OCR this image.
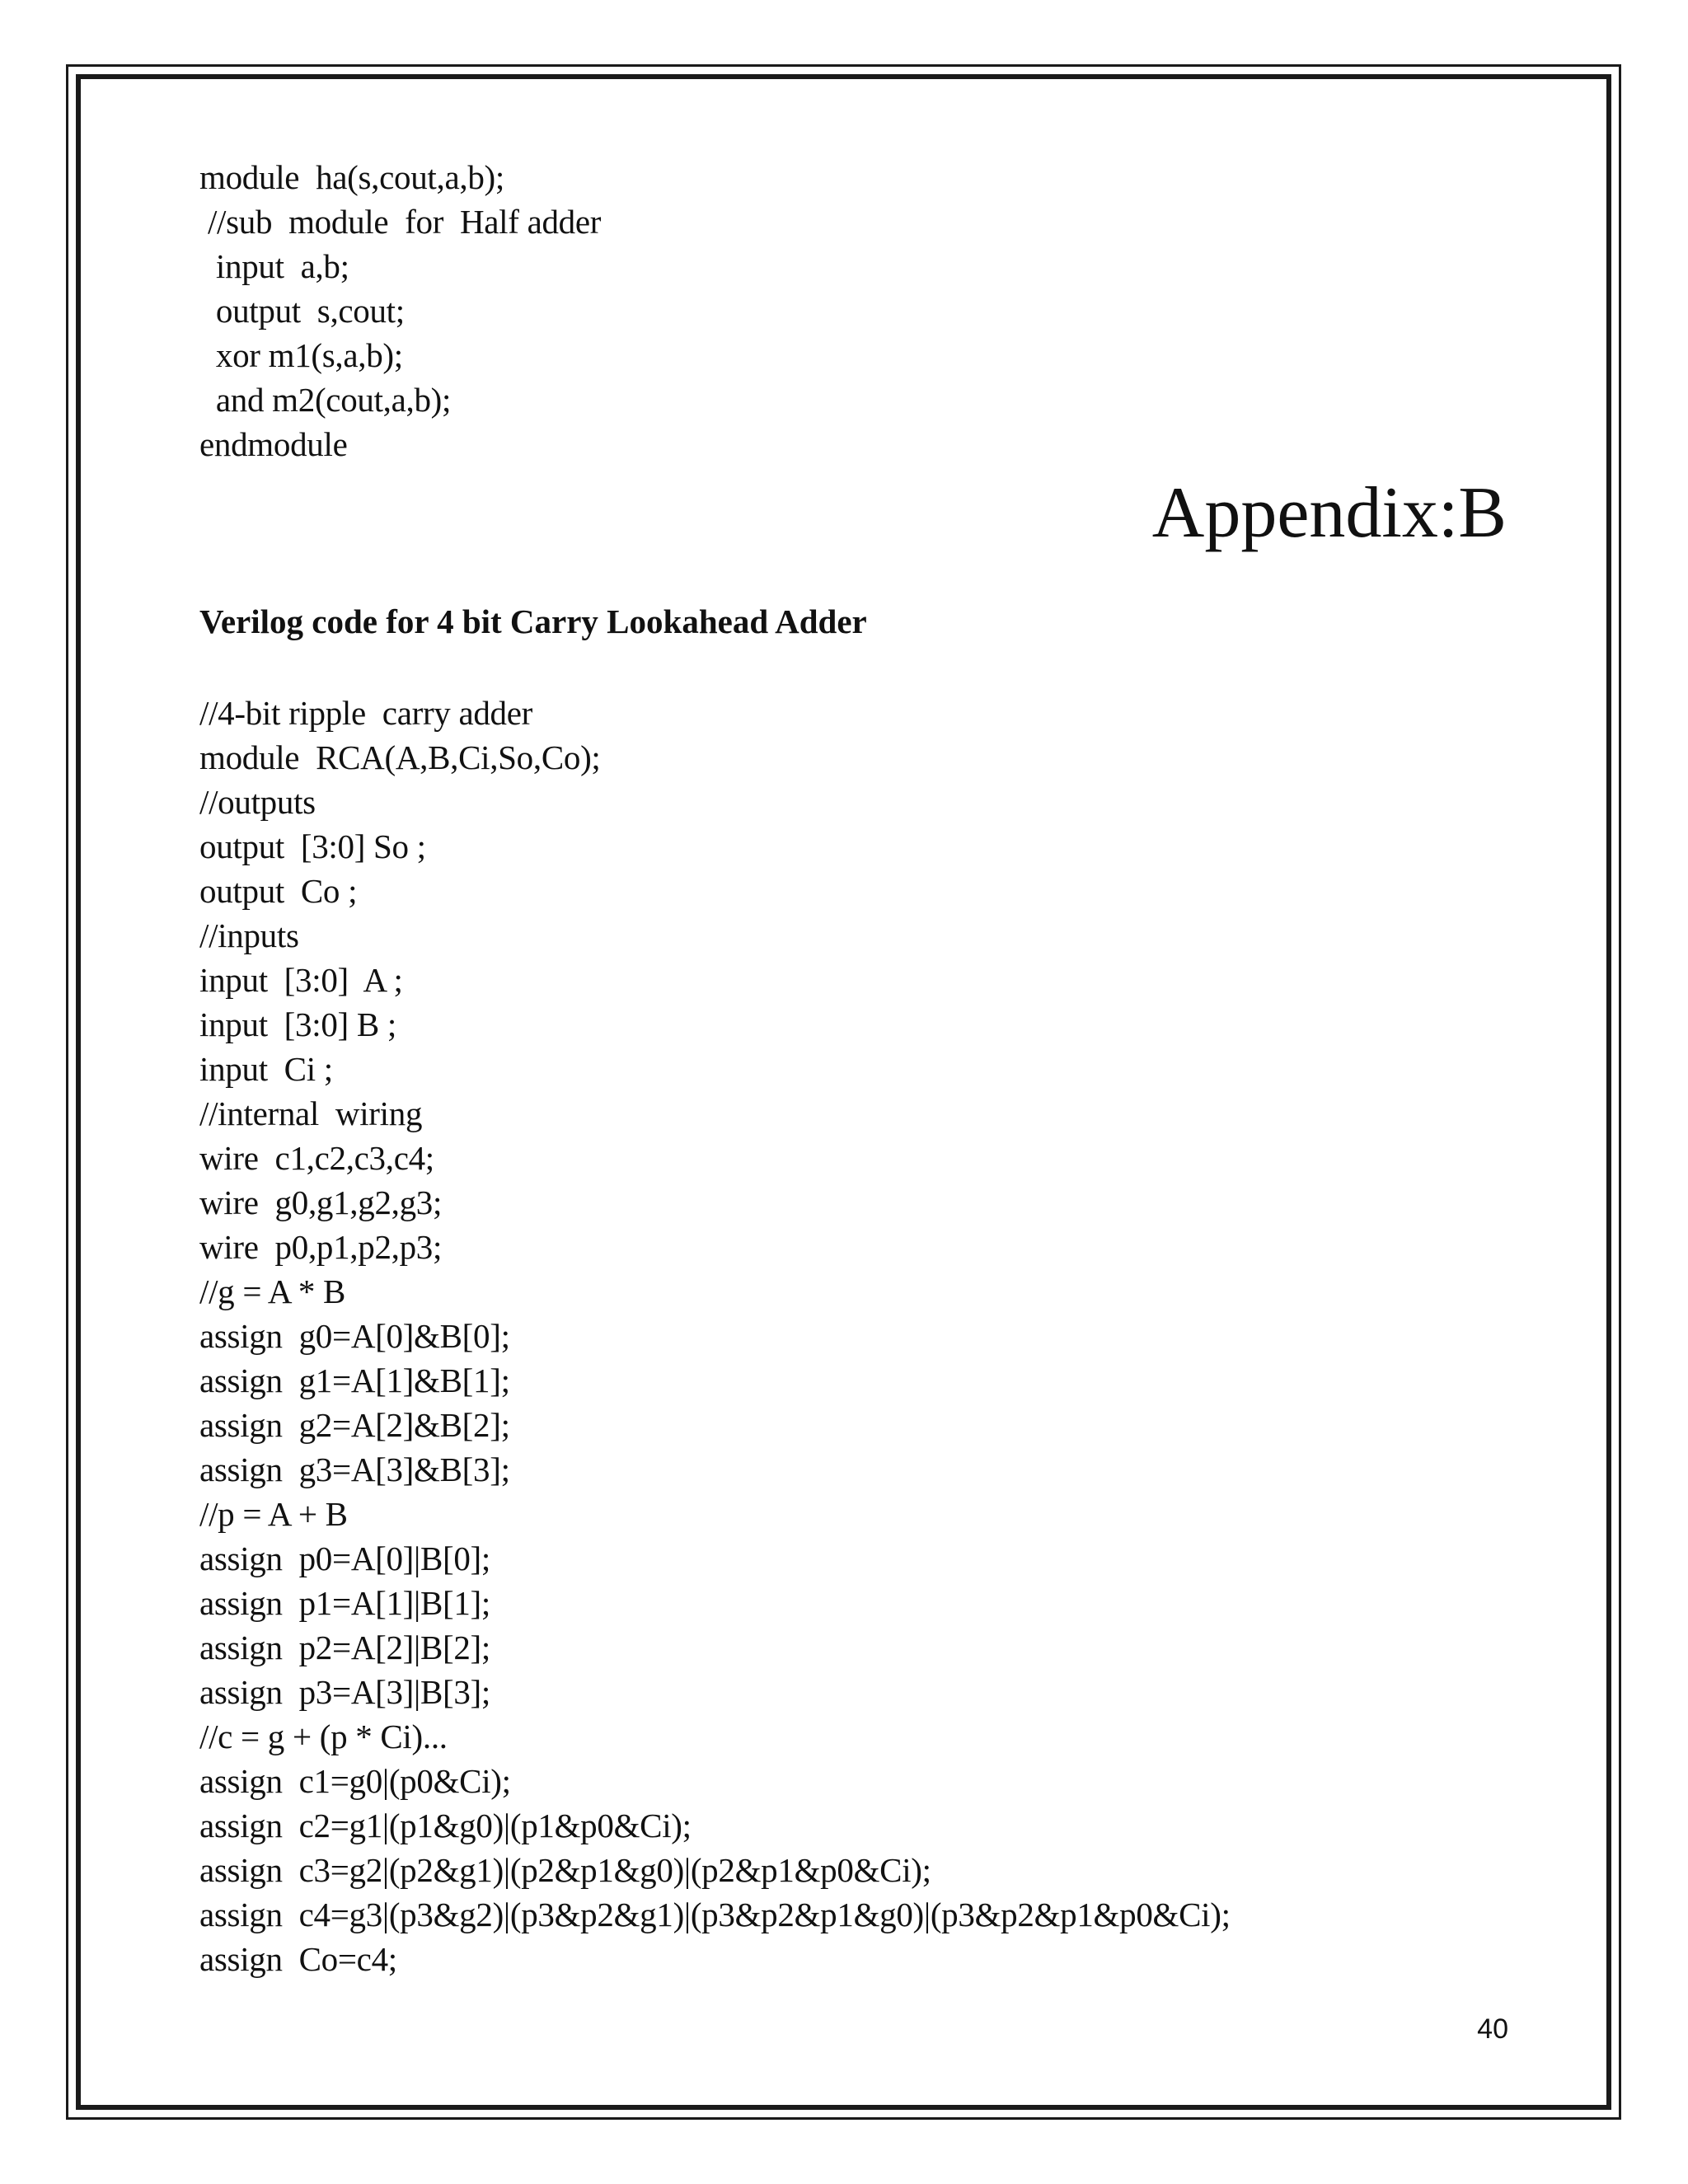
module  ha(s,cout,a,b);
//sub  module  for  Half adder
input  a,b;
output  s,cout;
xor m1(s,a,b);
and m2(cout,a,b);
endmodule
Appendix:B
Verilog code for 4 bit Carry Lookahead Adder
//4-bit ripple  carry adder
module  RCA(A,B,Ci,So,Co);
//outputs
output  [3:0] So ;
output  Co ;
//inputs
input  [3:0]  A ;
input  [3:0] B ;
input  Ci ;
//internal  wiring
wire  c1,c2,c3,c4;
wire  g0,g1,g2,g3;
wire  p0,p1,p2,p3;
//g = A * B
assign  g0=A[0]&B[0];
assign  g1=A[1]&B[1];
assign  g2=A[2]&B[2];
assign  g3=A[3]&B[3];
//p = A + B
assign  p0=A[0]|B[0];
assign  p1=A[1]|B[1];
assign  p2=A[2]|B[2];
assign  p3=A[3]|B[3];
//c = g + (p * Ci)...
assign  c1=g0|(p0&Ci);
assign  c2=g1|(p1&g0)|(p1&p0&Ci);
assign  c3=g2|(p2&g1)|(p2&p1&g0)|(p2&p1&p0&Ci);
assign  c4=g3|(p3&g2)|(p3&p2&g1)|(p3&p2&p1&g0)|(p3&p2&p1&p0&Ci);
assign  Co=c4;
40
